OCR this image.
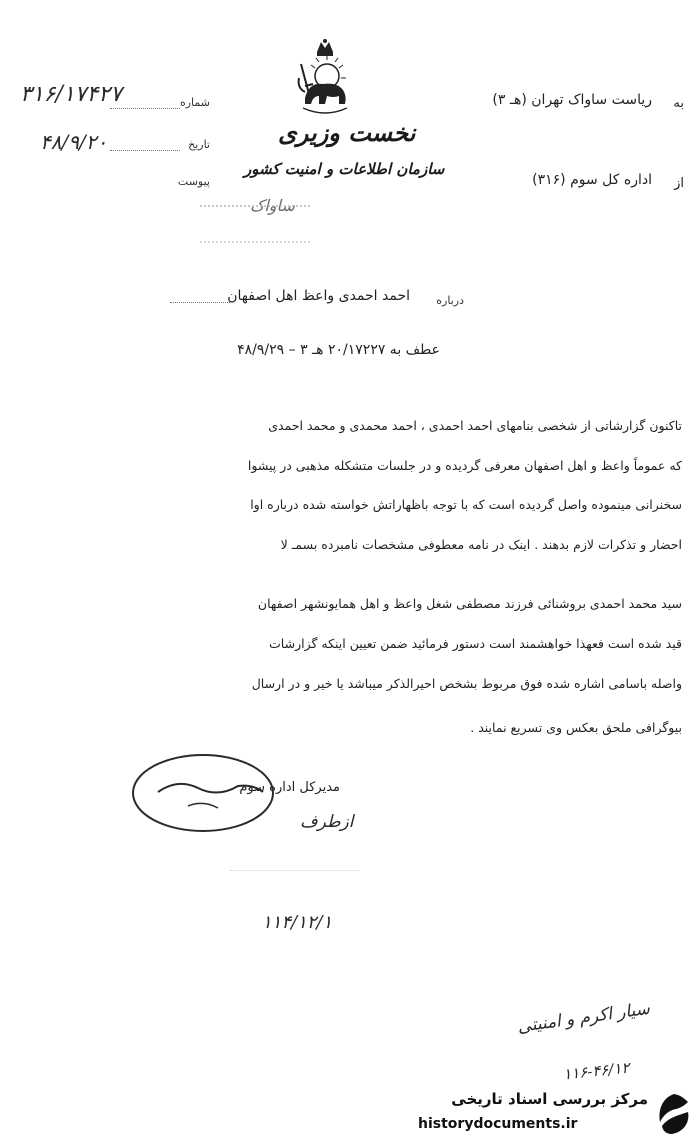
۳۱۶/۱۷۴۲۷
۴۸/۹/۲۰
شماره
تاریخ
پیوست
نخست وزیری
سازمان اطلاعات و امنیت کشور
ساواک
به
ریاست ساواک تهران (هـ ۳)
از
اداره کل سوم (۳۱۶)
درباره
احمد احمدی واعظ اهل اصفهان
عطف به ۲۰/۱۷۲۲۷ هـ ۳ – ۴۸/۹/۲۹
تاکنون گزارشاتی از شخصی بنامهای احمد احمدی ، احمد محمدی و محمد احمدی
که عموماً واعظ و اهل اصفهان معرفی گردیده و در جلسات متشکله مذهبی در پیشوا
سخنرانی مینموده واصل گردیده است که با توجه باظهاراتش خواسته شده درباره اوا
احضار و تذکرات لازم بدهند . اینک در نامه معطوفی مشخصات نامبرده بسمـ لا
سید محمد احمدی بروشنائی فرزند مصطفی شغل واعظ و اهل همایونشهر اصفهان
قید شده است فعهذا خواهشمند است دستور فرمائید ضمن تعیین اینکه گزارشات
واصله باسامی اشاره شده فوق مربوط بشخص احیرالذکر میباشد یا خیر و در ارسال
بیوگرافی ملحق بعکس وی تسریع نمایند .
مدیرکل اداره سوم
ازطرف
۱۱۴/۱۲/۱
سیار اکرم و امنیتی
۱۱۶-۴۶/۱۲
مرکز بررسی اسناد تاریخی
historydocuments.ir
